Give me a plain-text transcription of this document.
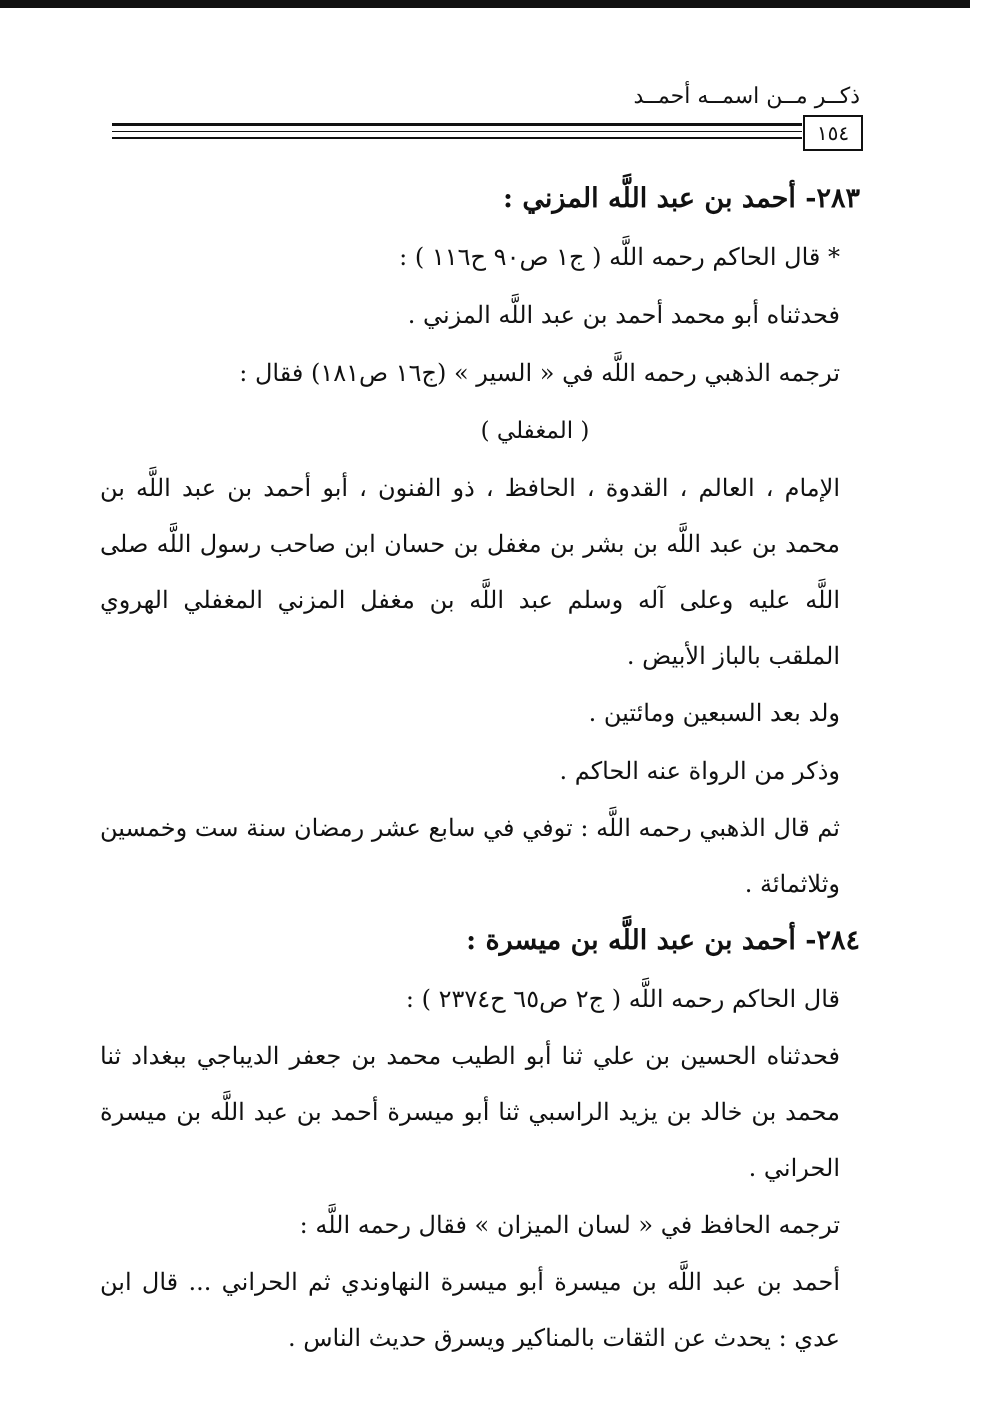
ذكــر مــن اسمــه أحمــد
١٥٤

٢٨٣- أحمد بن عبد اللَّه المزني :

* قال الحاكم رحمه اللَّه ( ج١ ص٩٠ ح١١٦ ) :

فحدثناه أبو محمد أحمد بن عبد اللَّه المزني .

ترجمه الذهبي رحمه اللَّه في « السير » (ج١٦ ص١٨١) فقال :

( المغفلي )

الإمام ، العالم ، القدوة ، الحافظ ، ذو الفنون ، أبو أحمد بن عبد اللَّه بن محمد بن عبد اللَّه بن بشر بن مغفل بن حسان ابن صاحب رسول اللَّه صلى اللَّه عليه وعلى آله وسلم عبد اللَّه بن مغفل المزني المغفلي الهروي الملقب بالباز الأبيض .

ولد بعد السبعين ومائتين .

وذكر من الرواة عنه الحاكم .

ثم قال الذهبي رحمه اللَّه : توفي في سابع عشر رمضان سنة ست وخمسين وثلاثمائة .

٢٨٤- أحمد بن عبد اللَّه بن ميسرة :

قال الحاكم رحمه اللَّه ( ج٢ ص٦٥ ح٢٣٧٤ ) :

فحدثناه الحسين بن علي ثنا أبو الطيب محمد بن جعفر الديباجي ببغداد ثنا محمد بن خالد بن يزيد الراسبي ثنا أبو ميسرة أحمد بن عبد اللَّه بن ميسرة الحراني .

ترجمه الحافظ في « لسان الميزان » فقال رحمه اللَّه :

أحمد بن عبد اللَّه بن ميسرة أبو ميسرة النهاوندي ثم الحراني ... قال ابن عدي : يحدث عن الثقات بالمناكير ويسرق حديث الناس .
